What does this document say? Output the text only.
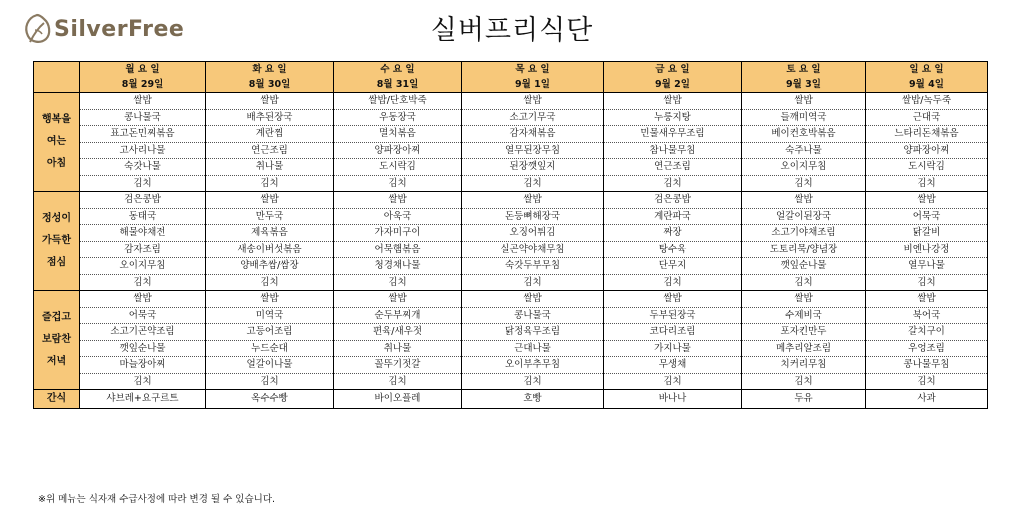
SilverFree	실버프리식단
	월 요 일	화 요 일	수 요 일	목 요 일	금 요 일	토 요 일	일 요 일
	8월 29일	8월 30일	8월 31일	9월 1일	9월 2일	9월 3일	9월 4일

행복을
여는
아침	쌀밥	쌀밥	쌀밥/단호박죽	쌀밥	쌀밥	쌀밥	쌀밥/녹두죽
	콩나물국	배추된장국	우동장국	소고기무국	누룽지탕	들깨미역국	근대국
	표고돈민찌볶음	계란찜	멸치볶음	감자채볶음	민물새우무조림	베이컨호박볶음	느타리돈채볶음
	고사리나물	연근조림	양파장아찌	열무된장무침	참나물무침	숙주나물	양파장아찌
	숙갓나물	취나물	도시락김	된장깻잎지	연근조림	오이지무침	도시락김
	김치	김치	김치	김치	김치	김치	김치

정성이
가득한
점심	검은콩밥	쌀밥	쌀밥	쌀밥	검은콩밥	쌀밥	쌀밥
	동태국	만두국	아욱국	돈등뼈해장국	계란파국	얼갈이된장국	어묵국
	해물야채전	제육볶음	가자미구이	오징어튀김	짜장	소고기야채조림	닭갈비
	감자조림	새송이버섯볶음	어묵햄볶음	실곤약야채무침	탕수육	도토리묵/양념장	비엔나강정
	오이지무침	양배추쌈/쌈장	청경채나물	숙갓두부무침	단무지	깻잎순나물	열무나물
	김치	김치	김치	김치	김치	김치	김치

즐겁고
보람찬
저녁	쌀밥	쌀밥	쌀밥	쌀밥	쌀밥	쌀밥	쌀밥
	어묵국	미역국	순두부찌개	콩나물국	두부된장국	수제비국	북어국
	소고기곤약조림	고등어조림	편육/새우젓	닭정육무조림	코다리조림	포자킨만두	갈치구이
	깻잎순나물	누드순대	취나물	근대나물	가지나물	메추리알조림	우엉조림
	마늘장아찌	얼갈이나물	꼴뚜기젓갈	오이부추무침	무생채	치커리무침	콩나물무침
	김치	김치	김치	김치	김치	김치	김치
간식	샤브레+요구르트	옥수수빵	바이오플레	호빵	바나나	두유	사과
※위 메뉴는 식자재 수급사정에 따라 변경 될 수 있습니다.
